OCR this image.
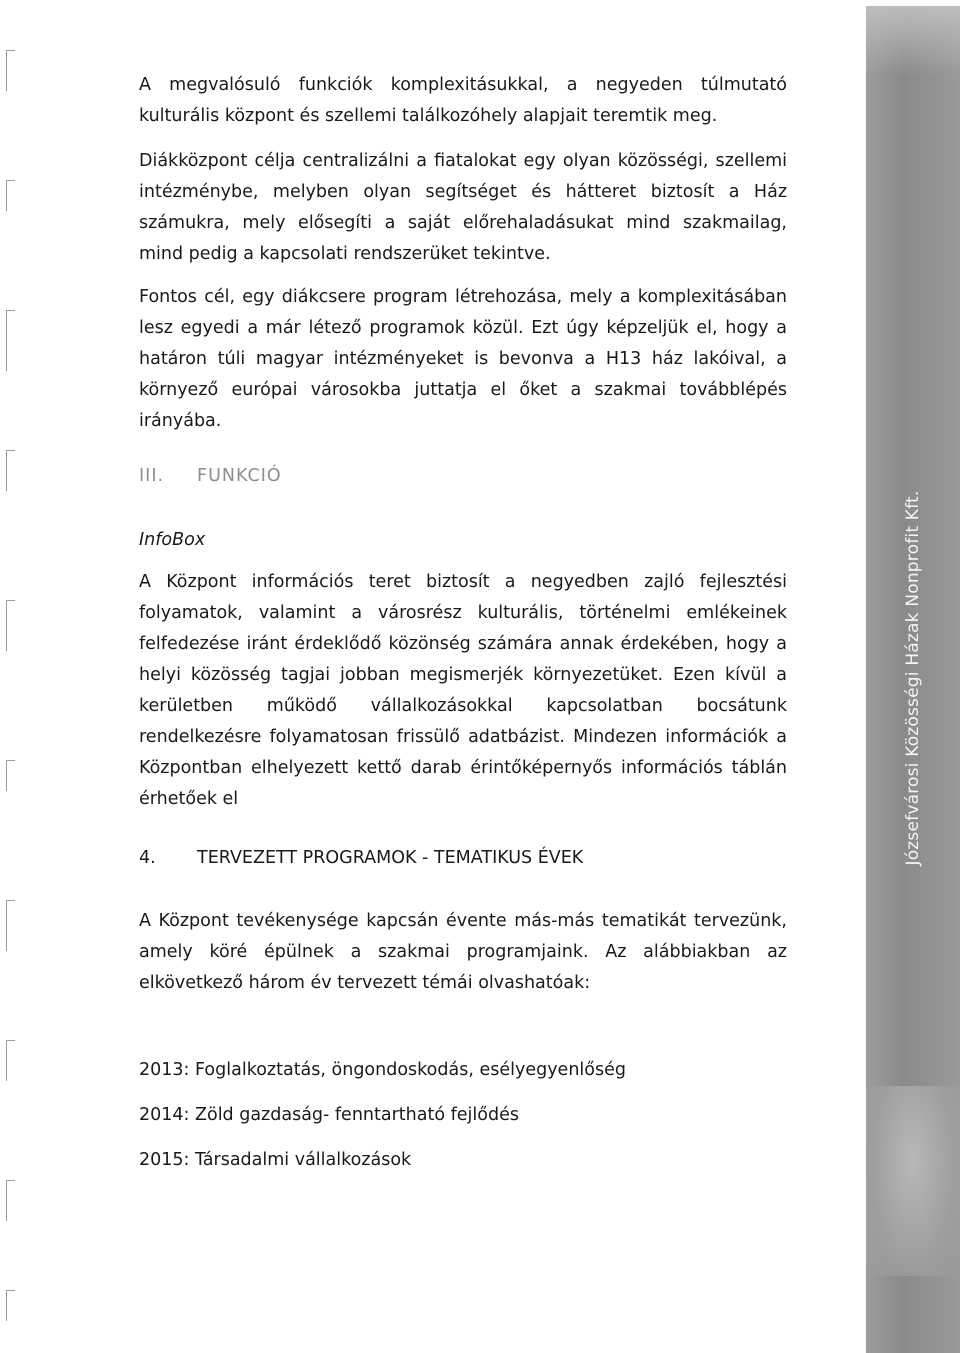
Józsefvárosi Közösségi Házak Nonprofit Kft.

A megvalósuló funkciók komplexitásukkal, a negyeden túlmutató kulturális központ és szellemi találkozóhely alapjait teremtik meg.

Diákközpont célja centralizálni a fiatalokat egy olyan közösségi, szellemi intézménybe, melyben olyan segítséget és hátteret biztosít a Ház számukra, mely elősegíti a saját előrehaladásukat mind szakmailag, mind pedig a kapcsolati rendszerüket tekintve.

Fontos cél, egy diákcsere program létrehozása, mely a komplexitásában lesz egyedi a már létező programok közül. Ezt úgy képzeljük el, hogy a határon túli magyar intézményeket is bevonva a H13 ház lakóival, a környező európai városokba juttatja el őket a szakmai továbblépés irányába.

III. FUNKCIÓ
InfoBox

A Központ információs teret biztosít a negyedben zajló fejlesztési folyamatok, valamint a városrész kulturális, történelmi emlékeinek felfedezése iránt érdeklődő közönség számára annak érdekében, hogy a helyi közösség tagjai jobban megismerjék környezetüket. Ezen kívül a kerületben működő vállalkozásokkal kapcsolatban bocsátunk rendelkezésre folyamatosan frissülő adatbázist. Mindezen információk a Központban elhelyezett kettő darab érintőképernyős információs táblán érhetőek el

4. TERVEZETT PROGRAMOK - TEMATIKUS ÉVEK

A Központ tevékenysége kapcsán évente más-más tematikát tervezünk, amely köré épülnek a szakmai programjaink. Az alábbiakban az elkövetkező három év tervezett témái olvashatóak:

2013: Foglalkoztatás, öngondoskodás, esélyegyenlőség
2014: Zöld gazdaság- fenntartható fejlődés
2015: Társadalmi vállalkozások
